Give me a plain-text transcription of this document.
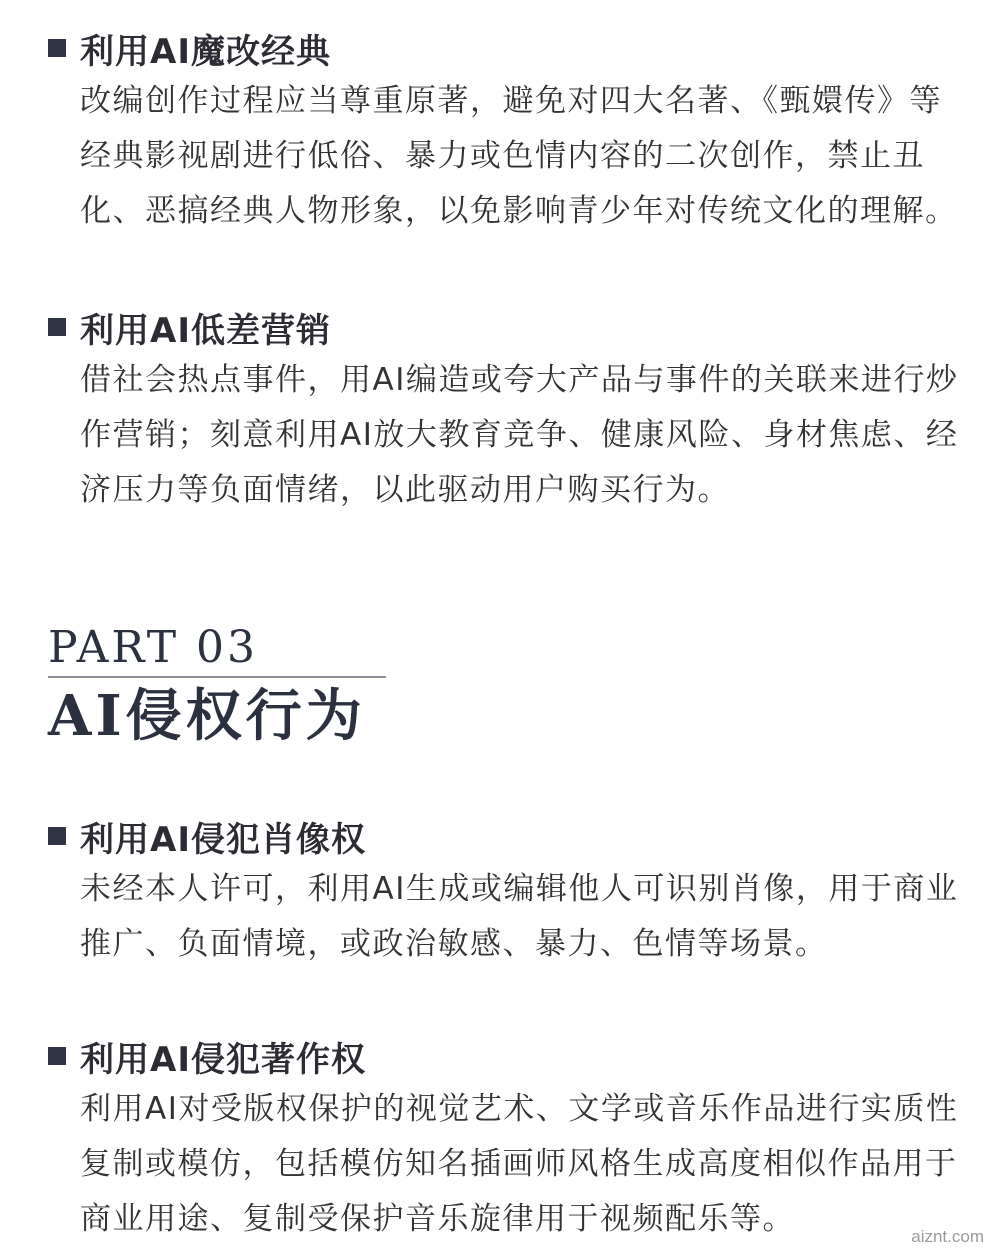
利用AI魔改经典
改编创作过程应当尊重原著，避免对四大名著、《甄嬛传》等经典影视剧进行低俗、暴力或色情内容的二次创作，禁止丑化、恶搞经典人物形象，以免影响青少年对传统文化的理解。
利用AI低差营销
借社会热点事件，用AI编造或夸大产品与事件的关联来进行炒作营销；刻意利用AI放大教育竞争、健康风险、身材焦虑、经济压力等负面情绪，以此驱动用户购买行为。
PART 03
AI侵权行为
利用AI侵犯肖像权
未经本人许可，利用AI生成或编辑他人可识别肖像，用于商业推广、负面情境，或政治敏感、暴力、色情等场景。
利用AI侵犯著作权
利用AI对受版权保护的视觉艺术、文学或音乐作品进行实质性复制或模仿，包括模仿知名插画师风格生成高度相似作品用于商业用途、复制受保护音乐旋律用于视频配乐等。	aiznt.com
